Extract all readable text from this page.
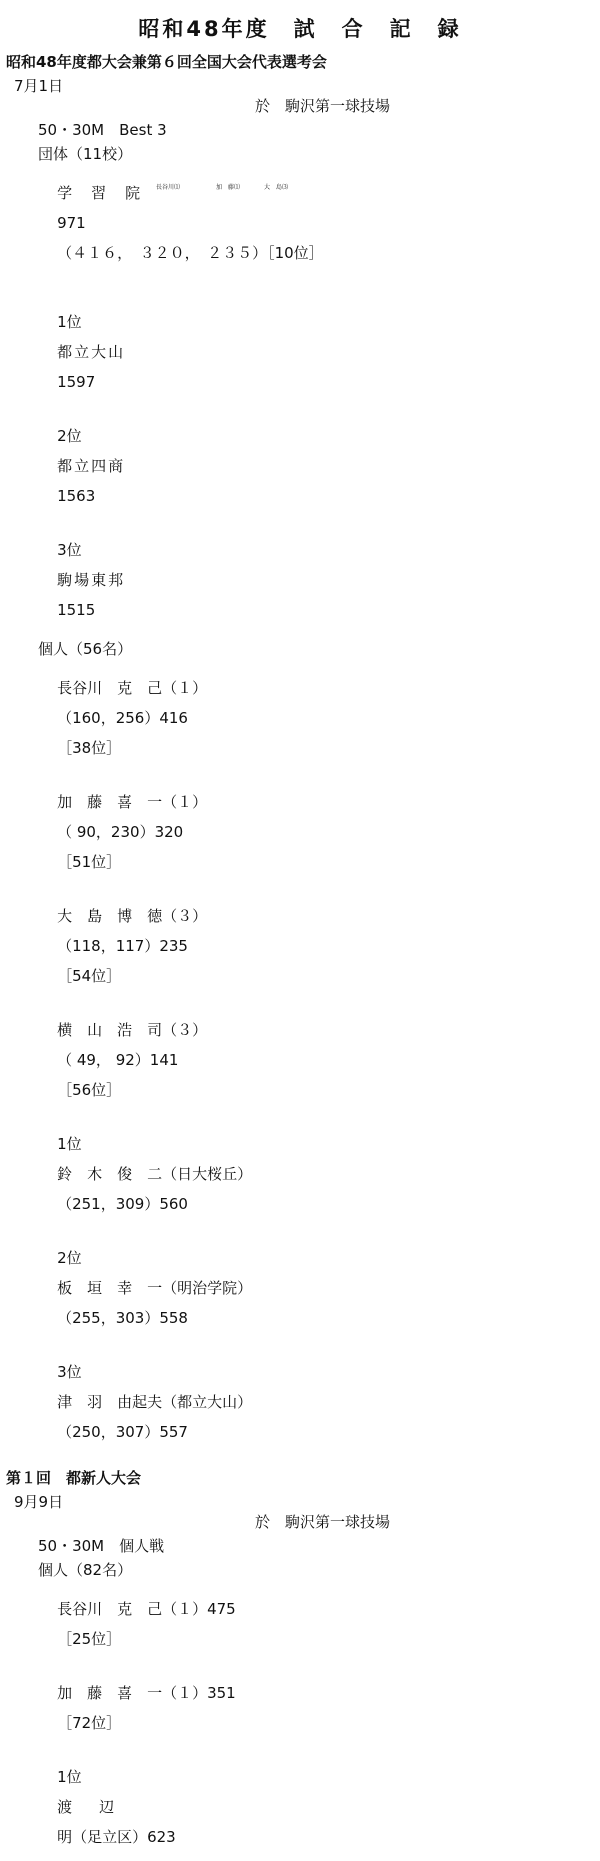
昭和48年度　試　合　記　録
昭和48年度都大会兼第６回全国大会代表選考会
7月1日
於　駒沢第一球技場
50・30M　Best 3
団体（11校）

学　習　院

971

（４１６，　３２０，　２３５）［10位］

長谷川⑴　　　　　　加　藤⑴　　　　大　島⑶

1位

都立大山

1597

2位

都立四商

1563

3位

駒場東邦

1515

個人（56名）

長谷川　克　己（１）

（160，256）416

［38位］

加　藤　喜　一（１）

（ 90，230）320

［51位］

大　島　博　徳（３）

（118，117）235

［54位］

横　山　浩　司（３）

（ 49， 92）141

［56位］

1位

鈴　木　俊　二（日大桜丘）

（251，309）560

2位

板　垣　幸　一（明治学院）

（255，303）558

3位

津　羽　由起夫（都立大山）

（250，307）557

第１回　都新人大会
9月9日
於　駒沢第一球技場
50・30M　個人戦
個人（82名）

長谷川　克　己（１）475

［25位］

加　藤　喜　一（１）351

［72位］

1位

渡　辺

明（足立区）623
